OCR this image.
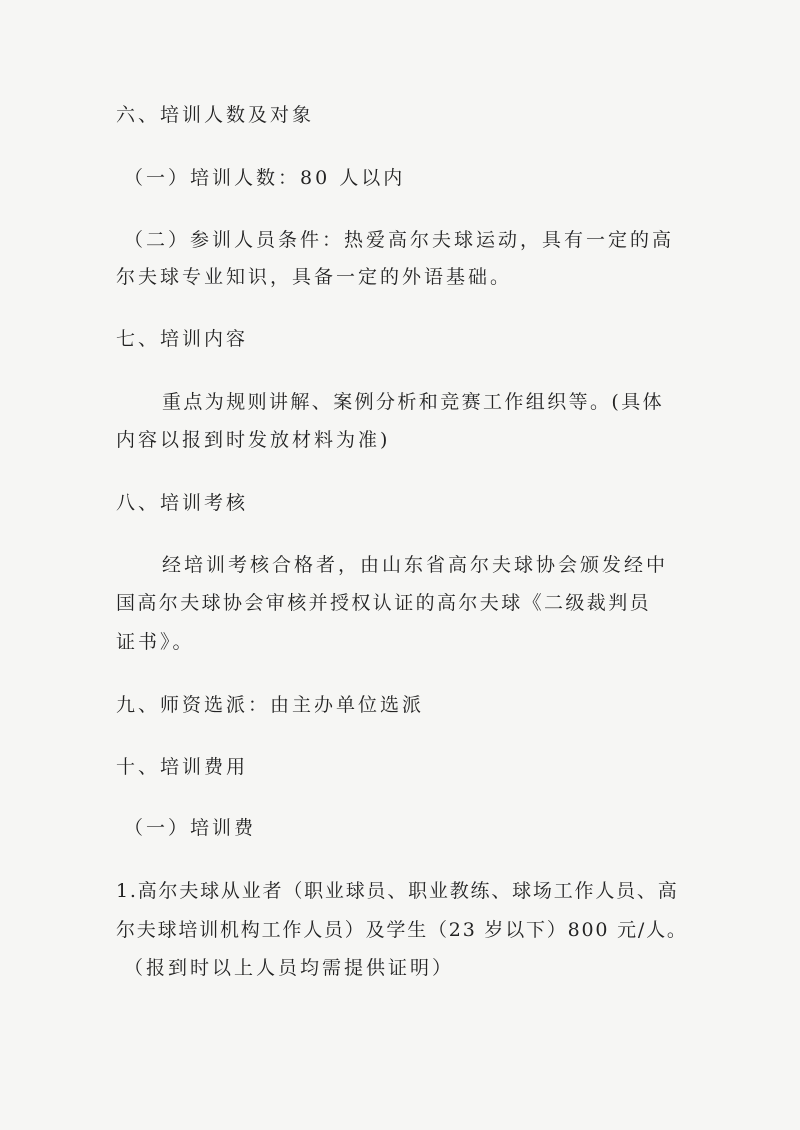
六、培训人数及对象
（一）培训人数：80 人以内
（二）参训人员条件：热爱高尔夫球运动，具有一定的高
尔夫球专业知识，具备一定的外语基础。
七、培训内容
重点为规则讲解、案例分析和竞赛工作组织等。(具体
内容以报到时发放材料为准)
八、培训考核
经培训考核合格者，由山东省高尔夫球协会颁发经中
国高尔夫球协会审核并授权认证的高尔夫球《二级裁判员
证书》。
九、师资选派：由主办单位选派
十、培训费用
（一）培训费
1.高尔夫球从业者（职业球员、职业教练、球场工作人员、高
尔夫球培训机构工作人员）及学生（23 岁以下）800 元/人。
（报到时以上人员均需提供证明）
